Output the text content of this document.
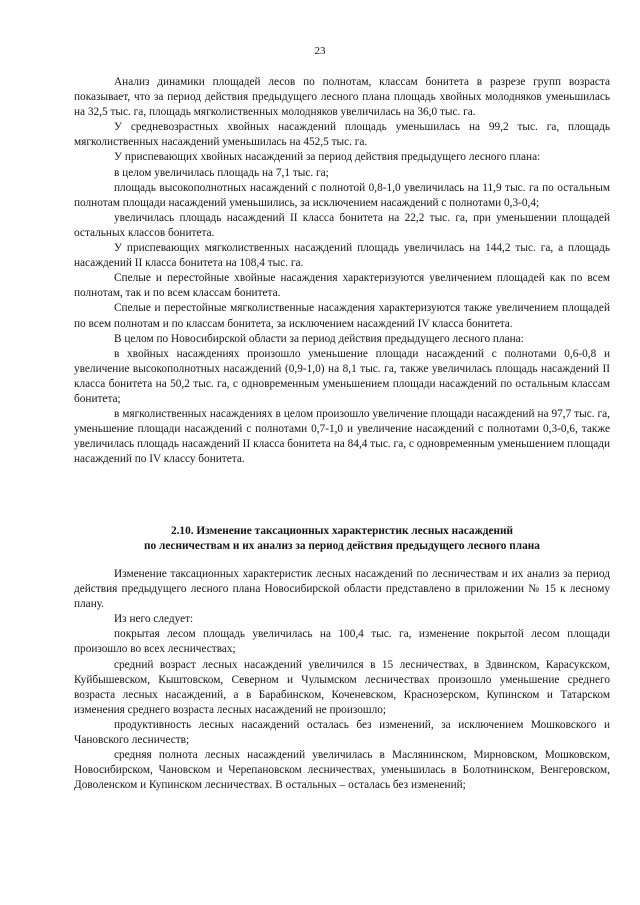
23

Анализ динамики площадей лесов по полнотам, классам бонитета в разрезе групп возраста показывает, что за период действия предыдущего лесного плана площадь хвойных молодняков уменьшилась на 32,5 тыс. га, площадь мягколиственных молодняков увеличилась на 36,0 тыс. га.

У средневозрастных хвойных насаждений площадь уменьшилась на 99,2 тыс. га, площадь мягколиственных насаждений уменьшилась на 452,5 тыс. га.

У приспевающих хвойных насаждений за период действия предыдущего лесного плана:

в целом увеличилась площадь на 7,1 тыс. га;

площадь высокополнотных насаждений с полнотой 0,8-1,0 увеличилась на 11,9 тыс. га по остальным полнотам площади насаждений уменьшились, за исключением насаждений с полнотами 0,3-0,4;

увеличилась площадь насаждений II класса бонитета на 22,2 тыс. га, при уменьшении площадей остальных классов бонитета.

У приспевающих мягколиственных насаждений площадь увеличилась на 144,2 тыс. га, а площадь насаждений II класса бонитета на 108,4 тыс. га.

Спелые и перестойные хвойные насаждения характеризуются увеличением площадей как по всем полнотам, так и по всем классам бонитета.

Спелые и перестойные мягколиственные насаждения характеризуются также увеличением площадей по всем полнотам и по классам бонитета, за исключением насаждений IV класса бонитета.

В целом по Новосибирской области за период действия предыдущего лесного плана:

в хвойных насаждениях произошло уменьшение площади насаждений с полнотами 0,6-0,8 и увеличение высокополнотных насаждений (0,9-1,0) на 8,1 тыс. га, также увеличилась площадь насаждений II класса бонитета на 50,2 тыс. га, с одновременным уменьшением площади насаждений по остальным классам бонитета;

в мягколиственных насаждениях в целом произошло увеличение площади насаждений на 97,7 тыс. га, уменьшение площади насаждений с полнотами 0,7-1,0 и увеличение насаждений с полнотами 0,3-0,6, также увеличилась площадь насаждений II класса бонитета на 84,4 тыс. га, с одновременным уменьшением площади насаждений по IV классу бонитета.

2.10. Изменение таксационных характеристик лесных насаждений
по лесничествам и их анализ за период действия предыдущего лесного плана

Изменение таксационных характеристик лесных насаждений по лесничествам и их анализ за период действия предыдущего лесного плана Новосибирской области представлено в приложении № 15 к лесному плану.

Из него следует:

покрытая лесом площадь увеличилась на 100,4 тыс. га, изменение покрытой лесом площади произошло во всех лесничествах;

средний возраст лесных насаждений увеличился в 15 лесничествах, в Здвинском, Карасукском, Куйбышевском, Кыштовском, Северном и Чулымском лесничествах произошло уменьшение среднего возраста лесных насаждений, а в Барабинском, Коченевском, Краснозерском, Купинском и Татарском изменения среднего возраста лесных насаждений не произошло;

продуктивность лесных насаждений осталась без изменений, за исключением Мошковского и Чановского лесничеств;

средняя полнота лесных насаждений увеличилась в Маслянинском, Мирновском, Мошковском, Новосибирском, Чановском и Черепановском лесничествах, уменьшилась в Болотнинском, Венгеровском, Доволенском и Купинском лесничествах. В остальных – осталась без изменений;
